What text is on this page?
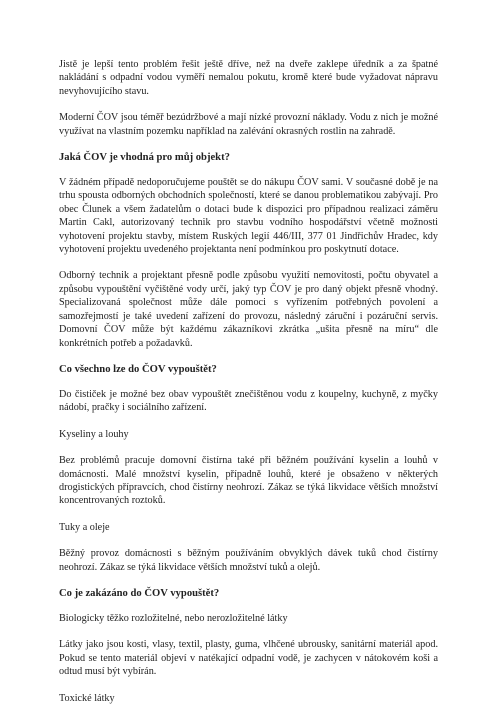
Jistě je lepší tento problém řešit ještě dříve, než na dveře zaklepe úředník a za špatné nakládání s odpadní vodou vyměří nemalou pokutu, kromě které bude vyžadovat nápravu nevyhovujícího stavu.

Moderní ČOV jsou téměř bezúdržbové a mají nízké provozní náklady. Vodu z nich je možné využívat na vlastním pozemku například na zalévání okrasných rostlin na zahradě.

Jaká ČOV je vhodná pro můj objekt?

V žádném případě nedoporučujeme pouštět se do nákupu ČOV sami. V současné době je na trhu spousta odborných obchodních společností, které se danou problematikou zabývají. Pro obec Člunek a všem žadatelům o dotaci bude k dispozici pro případnou realizaci záměru Martin Cakl, autorizovaný technik pro stavbu vodního hospodářství včetně možnosti vyhotovení projektu stavby, místem Ruských legií 446/III, 377 01 Jindřichův Hradec, kdy vyhotovení projektu uvedeného projektanta není podmínkou pro poskytnutí dotace.

Odborný technik a projektant přesně podle způsobu využití nemovitosti, počtu obyvatel a způsobu vypouštění vyčištěné vody určí, jaký typ ČOV je pro daný objekt přesně vhodný. Specializovaná společnost může dále pomoci s vyřízením potřebných povolení a samozřejmostí je také uvedení zařízení do provozu, následný záruční i pozáruční servis. Domovní ČOV může být každému zákazníkovi zkrátka „ušita přesně na míru“ dle konkrétních potřeb a požadavků.

Co všechno lze do ČOV vypouštět?

Do čističek je možné bez obav vypouštět znečištěnou vodu z koupelny, kuchyně, z myčky nádobí, pračky i sociálního zařízení.

Kyseliny a louhy

Bez problémů pracuje domovní čistírna také při běžném používání kyselin a louhů v domácnosti. Malé množství kyselin, případně louhů, které je obsaženo v některých drogistických přípravcích, chod čistírny neohrozí. Zákaz se týká likvidace větších množství koncentrovaných roztoků.

Tuky a oleje

Běžný provoz domácnosti s běžným používáním obvyklých dávek tuků chod čistírny neohrozí. Zákaz se týká likvidace větších množství tuků a olejů.

Co je zakázáno do ČOV vypouštět?

Biologicky těžko rozložitelné, nebo nerozložitelné látky

Látky jako jsou kosti, vlasy, textil, plasty, guma, vlhčené ubrousky, sanitární materiál apod. Pokud se tento materiál objeví v natékající odpadní vodě, je zachycen v nátokovém koši a odtud musí být vybírán.

Toxické látky
